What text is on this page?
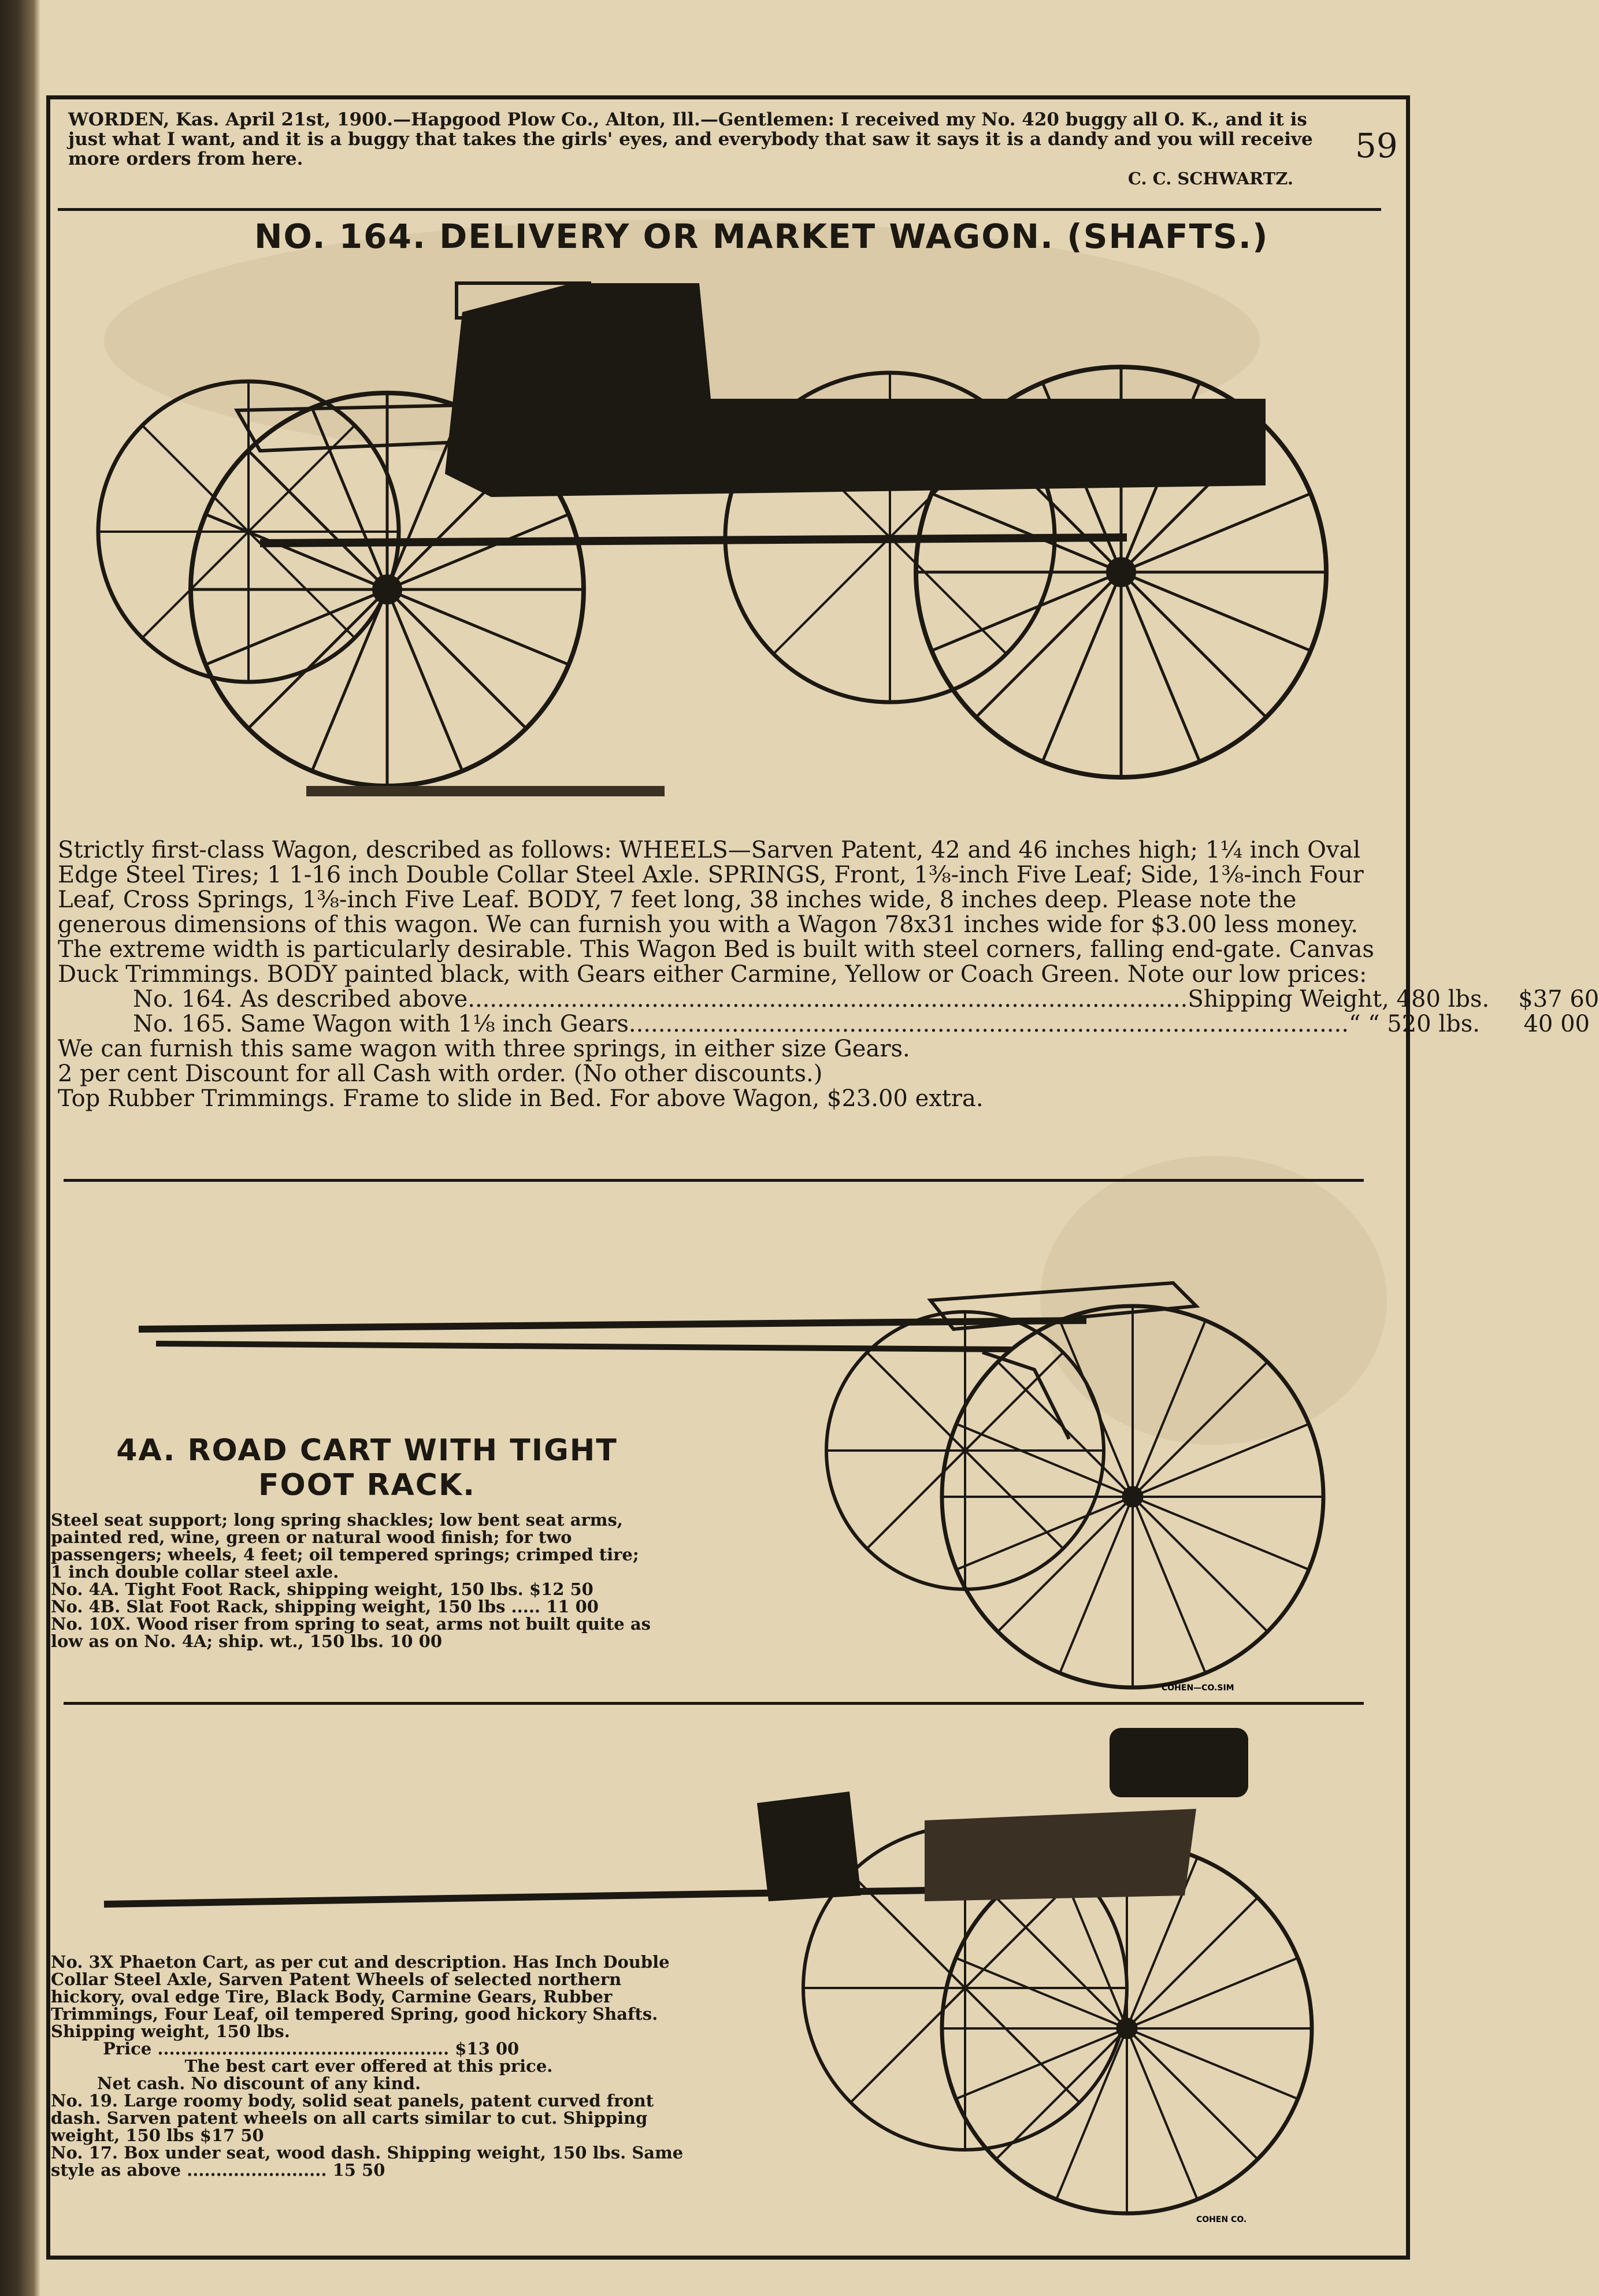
59
WORDEN, Kas. April 21st, 1900.—Hapgood Plow Co., Alton, Ill.—Gentlemen: I received my No. 420 buggy all O. K., and it is just what I want, and it is a buggy that takes the girls' eyes, and everybody that saw it says it is a dandy and you will receive more orders from here.
C. C. SCHWARTZ.
NO. 164. DELIVERY OR MARKET WAGON. (SHAFTS.)

Strictly first-class Wagon, described as follows: WHEELS—Sarven Patent, 42 and 46 inches high; 1¼ inch Oval Edge Steel Tires; 1 1-16 inch Double Collar Steel Axle. SPRINGS, Front, 1⅜-inch Five Leaf; Side, 1⅜-inch Four Leaf, Cross Springs, 1⅜-inch Five Leaf. BODY, 7 feet long, 38 inches wide, 8 inches deep. Please note the generous dimensions of this wagon. We can furnish you with a Wagon 78x31 inches wide for $3.00 less money. The extreme width is particularly desirable. This Wagon Bed is built with steel corners, falling end-gate. Canvas Duck Trimmings. BODY painted black, with Gears either Carmine, Yellow or Coach Green. Note our low prices:

No. 164. As described above .................................................................................................. Shipping Weight, 480 lbs.	$37 60
No. 165. Same Wagon with 1⅛ inch Gears .................................................................................................. “ “ 520 lbs.	40 00

We can furnish this same wagon with three springs, in either size Gears.

2 per cent Discount for all Cash with order. (No other discounts.)

Top Rubber Trimmings. Frame to slide in Bed. For above Wagon, $23.00 extra.

COHEN—CO.SIM
4A. ROAD CART WITH TIGHT FOOT RACK.

Steel seat support; long spring shackles; low bent seat arms, painted red, wine, green or natural wood finish; for two passengers; wheels, 4 feet; oil tempered springs; crimped tire; 1 inch double collar steel axle.

No. 4A. Tight Foot Rack, shipping weight, 150 lbs. $12 50

No. 4B. Slat Foot Rack, shipping weight, 150 lbs ..... 11 00

No. 10X. Wood riser from spring to seat, arms not built quite as low as on No. 4A; ship. wt., 150 lbs. 10 00

COHEN CO.

No. 3X Phaeton Cart, as per cut and description. Has Inch Double Collar Steel Axle, Sarven Patent Wheels of selected northern hickory, oval edge Tire, Black Body, Carmine Gears, Rubber Trimmings, Four Leaf, oil tempered Spring, good hickory Shafts. Shipping weight, 150 lbs.

Price .................................................. $13 00

The best cart ever offered at this price.

Net cash. No discount of any kind.

No. 19. Large roomy body, solid seat panels, patent curved front dash. Sarven patent wheels on all carts similar to cut. Shipping weight, 150 lbs $17 50

No. 17. Box under seat, wood dash. Shipping weight, 150 lbs. Same style as above ........................ 15 50
